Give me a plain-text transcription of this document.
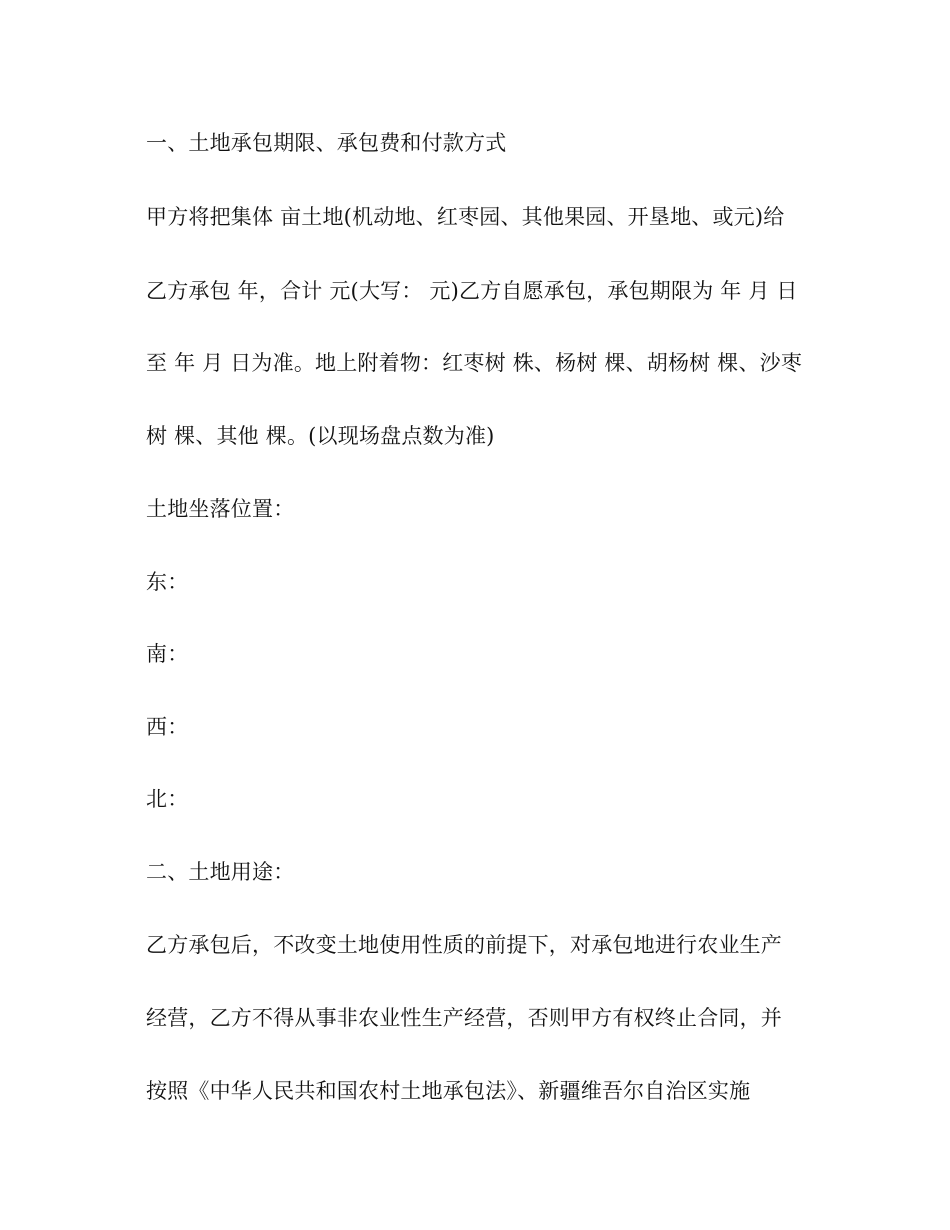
一、土地承包期限、承包费和付款方式
甲方将把集体 亩土地(机动地、红枣园、其他果园、开垦地、或元)给
乙方承包 年，合计 元(大写： 元)乙方自愿承包，承包期限为 年 月 日
至 年 月 日为准。地上附着物：红枣树 株、杨树 棵、胡杨树 棵、沙枣
树 棵、其他 棵。(以现场盘点数为准)
土地坐落位置：
东：
南：
西：
北：
二、土地用途：
乙方承包后，不改变土地使用性质的前提下，对承包地进行农业生产
经营，乙方不得从事非农业性生产经营，否则甲方有权终止合同，并
按照《中华人民共和国农村土地承包法》、新疆维吾尔自治区实施
